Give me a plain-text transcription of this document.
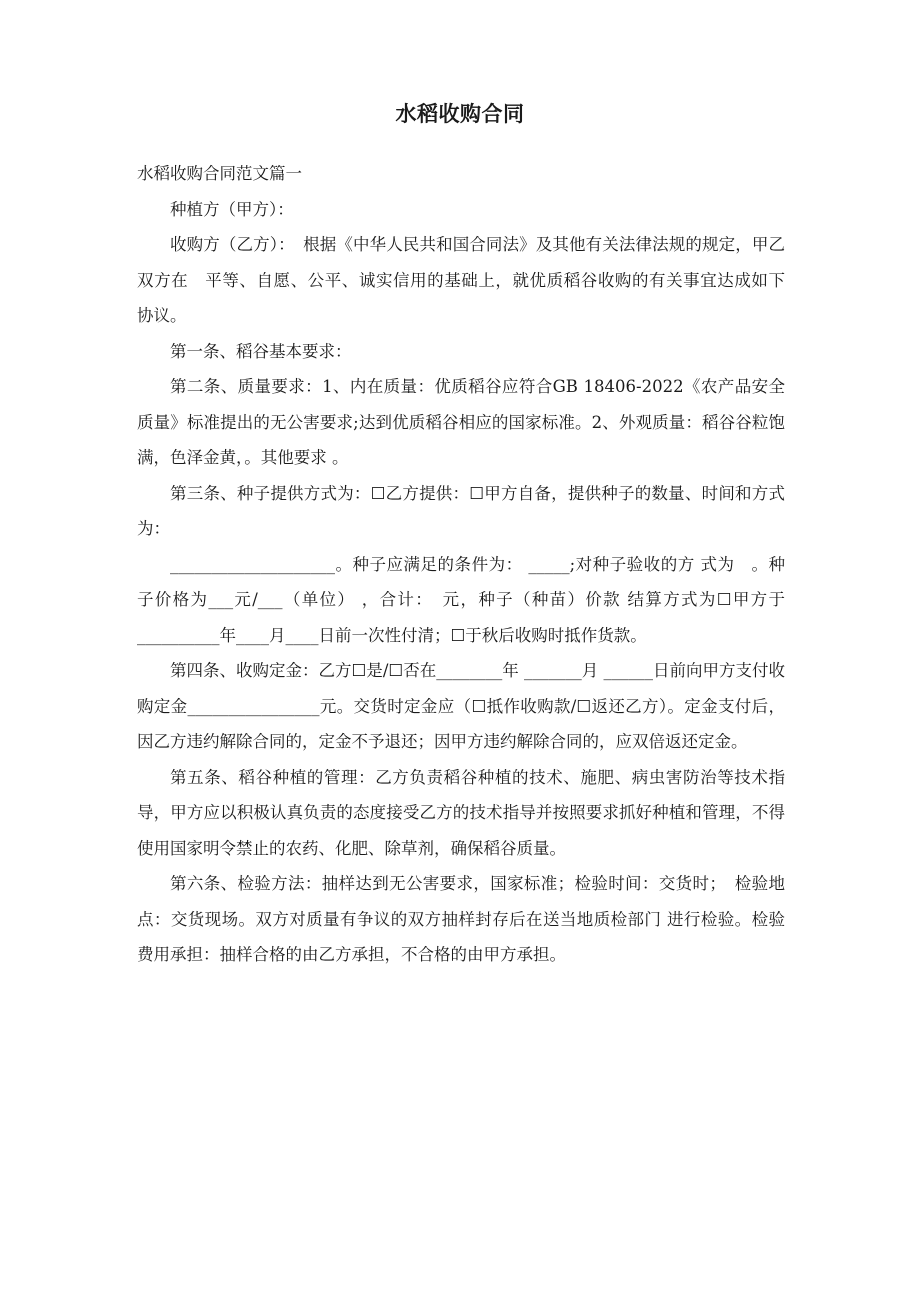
水稻收购合同

水稻收购合同范文篇一

种植方（甲方）：

收购方（乙方）：　根据《中华人民共和国合同法》及其他有关法律法规的规定，甲乙双方在　平等、自愿、公平、诚实信用的基础上，就优质稻谷收购的有关事宜达成如下 协议。

第一条、稻谷基本要求：

第二条、质量要求：1、内在质量：优质稻谷应符合GB 18406-2022《农产品安全质量》标准提出的无公害要求;达到优质稻谷相应的国家标准。2、外观质量：稻谷谷粒饱满，色泽金黄，。其他要求 。

第三条、种子提供方式为：☐乙方提供：☐甲方自备，提供种子的数量、时间和方式为：

____________________。种子应满足的条件为： _____;对种子验收的方 式为　。种子价格为___元/___（单位） ，合计：　元，种子（种苗）价款 结算方式为☐甲方于__________年____月____日前一次性付清；☐于秋后收购时抵作货款。

第四条、收购定金：乙方☐是/☐否在________年 _______月 ______日前向甲方支付收购定金________________元。交货时定金应（☐抵作收购款/☐返还乙方）。定金支付后，因乙方违约解除合同的，定金不予退还；因甲方违约解除合同的，应双倍返还定金。

第五条、稻谷种植的管理：乙方负责稻谷种植的技术、施肥、病虫害防治等技术指导，甲方应以积极认真负责的态度接受乙方的技术指导并按照要求抓好种植和管理，不得使用国家明令禁止的农药、化肥、除草剂，确保稻谷质量。

第六条、检验方法：抽样达到无公害要求，国家标准；检验时间：交货时；　检验地点：交货现场。双方对质量有争议的双方抽样封存后在送当地质检部门 进行检验。检验费用承担：抽样合格的由乙方承担，不合格的由甲方承担。
